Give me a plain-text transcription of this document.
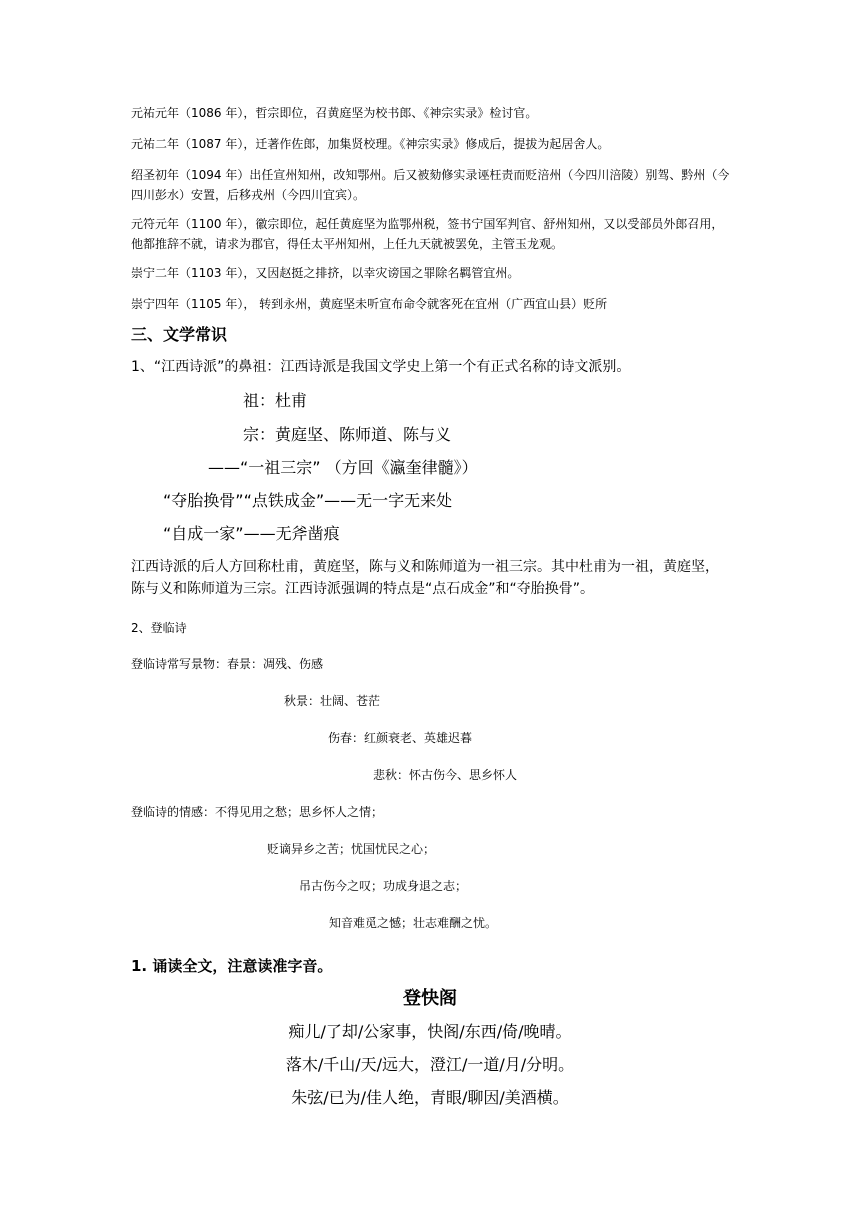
元祐元年（1086 年），哲宗即位，召黄庭坚为校书郎、《神宗实录》检讨官。

元祐二年（1087 年），迁著作佐郎，加集贤校理。《神宗实录》修成后，提拔为起居舍人。

绍圣初年（1094 年）出任宣州知州，改知鄂州。后又被劾修实录诬枉责而贬涪州（今四川涪陵）别驾、黔州（今四川彭水）安置，后移戎州（今四川宜宾）。

元符元年（1100 年），徽宗即位，起任黄庭坚为监鄂州税，签书宁国军判官、舒州知州，又以受部员外郎召用，他都推辞不就，请求为郡官，得任太平州知州，上任九天就被罢免，主管玉龙观。

崇宁二年（1103 年），又因赵挺之排挤，以幸灾谤国之罪除名羁管宜州。

崇宁四年（1105 年）， 转到永州，黄庭坚未听宣布命令就客死在宜州（广西宜山县）贬所

三、文学常识

1、“江西诗派”的鼻祖：江西诗派是我国文学史上第一个有正式名称的诗文派别。

祖：杜甫

宗：黄庭坚、陈师道、陈与义

——“一祖三宗” （方回《瀛奎律髓》）

“夺胎换骨”“点铁成金”——无一字无来处

“自成一家”——无斧凿痕

江西诗派的后人方回称杜甫，黄庭坚，陈与义和陈师道为一祖三宗。其中杜甫为一祖，黄庭坚，陈与义和陈师道为三宗。江西诗派强调的特点是“点石成金”和“夺胎换骨”。

2、登临诗

登临诗常写景物：春景：凋残、伤感

秋景：壮阔、苍茫

伤春：红颜衰老、英雄迟暮

悲秋：怀古伤今、思乡怀人

登临诗的情感：不得见用之愁；思乡怀人之情；

贬谪异乡之苦；忧国忧民之心；

吊古伤今之叹；功成身退之志；

知音难觅之憾；壮志难酬之忧。

1. 诵读全文，注意读准字音。

登快阁

痴儿/了却/公家事，快阁/东西/倚/晚晴。

落木/千山/天/远大，澄江/一道/月/分明。

朱弦/已为/佳人绝，青眼/聊因/美酒横。
